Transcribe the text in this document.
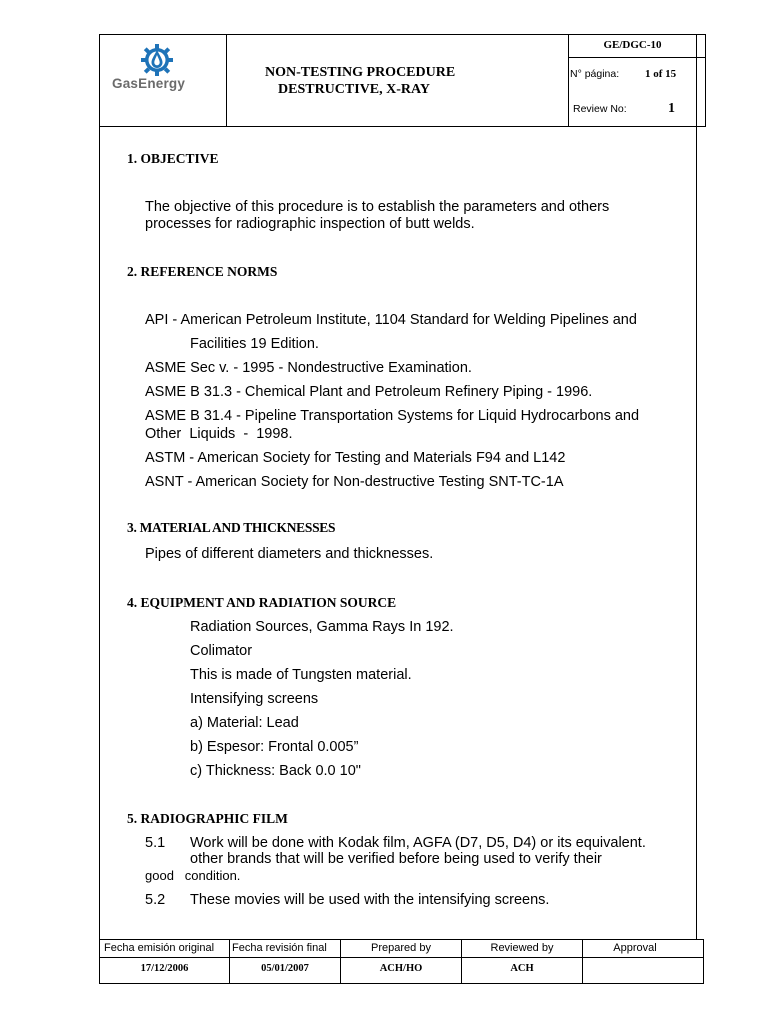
GasEnergy
NON-TESTING PROCEDURE
DESTRUCTIVE, X-RAY
GE/DGC-10
N° página: 1 of 15
Review No:	1
1. OBJECTIVE
The objective of this procedure is to establish the parameters and others
processes for radiographic inspection of butt welds.
2. REFERENCE NORMS
API - American Petroleum Institute, 1104 Standard for Welding Pipelines and
Facilities 19 Edition.
ASME Sec v. - 1995 - Nondestructive Examination.
ASME B 31.3 - Chemical Plant and Petroleum Refinery Piping - 1996.
ASME B 31.4 - Pipeline Transportation Systems for Liquid Hydrocarbons and
Other  Liquids  -  1998.
ASTM - American Society for Testing and Materials F94 and L142
ASNT - American Society for Non-destructive Testing SNT-TC-1A
3. MATERIAL AND THICKNESSES
Pipes of different diameters and thicknesses.
4. EQUIPMENT AND RADIATION SOURCE
Radiation Sources, Gamma Rays In 192.
Colimator
This is made of Tungsten material.
Intensifying screens
a) Material: Lead
b) Espesor: Frontal 0.005”
c) Thickness: Back 0.0 10"
5. RADIOGRAPHIC FILM
5.1 Work will be done with Kodak film, AGFA (D7, D5, D4) or its equivalent.
other brands that will be verified before being used to verify their
good   condition.
5.2 These movies will be used with the intensifying screens.
Fecha emisión original	Fecha revisión final	Prepared by	Reviewed by	Approval
17/12/2006	05/01/2007	ACH/HO	ACH
